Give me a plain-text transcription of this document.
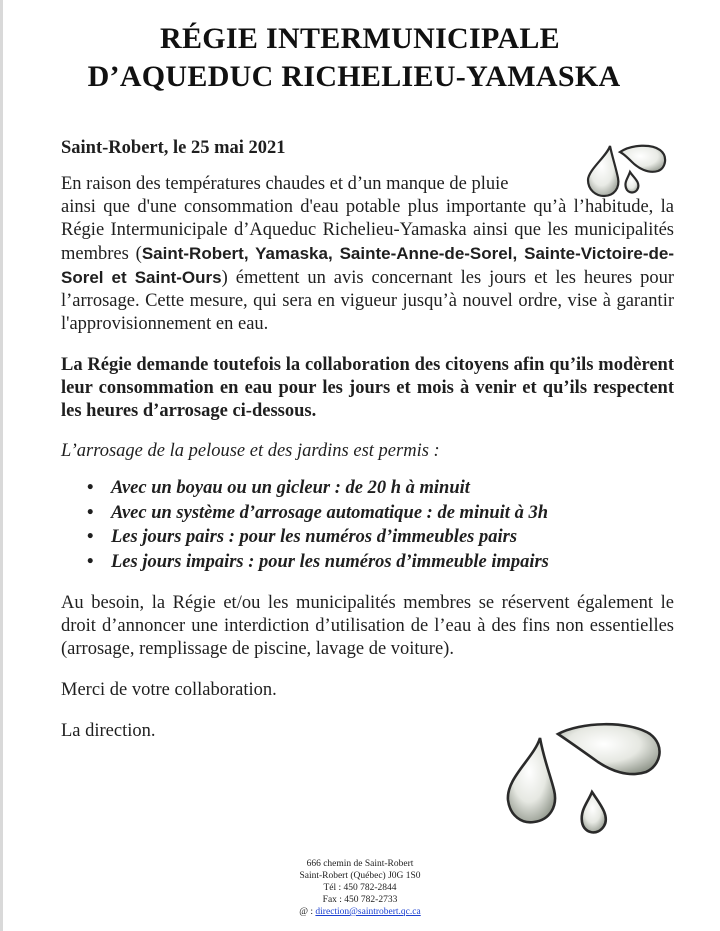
RÉGIE INTERMUNICIPALE
D’AQUEDUC RICHELIEU-YAMASKA

Saint-Robert, le 25 mai 2021

En raison des températures chaudes et d’un manque de pluie

ainsi que d'une consommation d'eau potable plus importante qu’à l’habitude, la Régie Intermunicipale d’Aqueduc Richelieu-Yamaska ainsi que les municipalités membres (Saint-Robert, Yamaska, Sainte-Anne-de-Sorel, Sainte-Victoire-de-Sorel et Saint-Ours) émettent un avis concernant les jours et les heures pour l’arrosage. Cette mesure, qui sera en vigueur jusqu’à nouvel ordre, vise à garantir l'approvisionnement en eau.

La Régie demande toutefois la collaboration des citoyens afin qu’ils modèrent leur consommation en eau pour les jours et mois à venir et qu’ils respectent les heures d’arrosage ci-dessous.

L’arrosage de la pelouse et des jardins est permis :

• Avec un boyau ou un gicleur : de 20 h à minuit
• Avec un système d’arrosage automatique : de minuit à 3h
• Les jours pairs : pour les numéros d’immeubles pairs
• Les jours impairs : pour les numéros d’immeuble impairs

Au besoin, la Régie et/ou les municipalités membres se réservent également le droit d’annoncer une interdiction d’utilisation de l’eau à des fins non essentielles (arrosage, remplissage de piscine, lavage de voiture).

Merci de votre collaboration.

La direction.

666 chemin de Saint-Robert
Saint-Robert (Québec) J0G 1S0
Tél : 450 782-2844
Fax : 450 782-2733
@ : direction@saintrobert.qc.ca
